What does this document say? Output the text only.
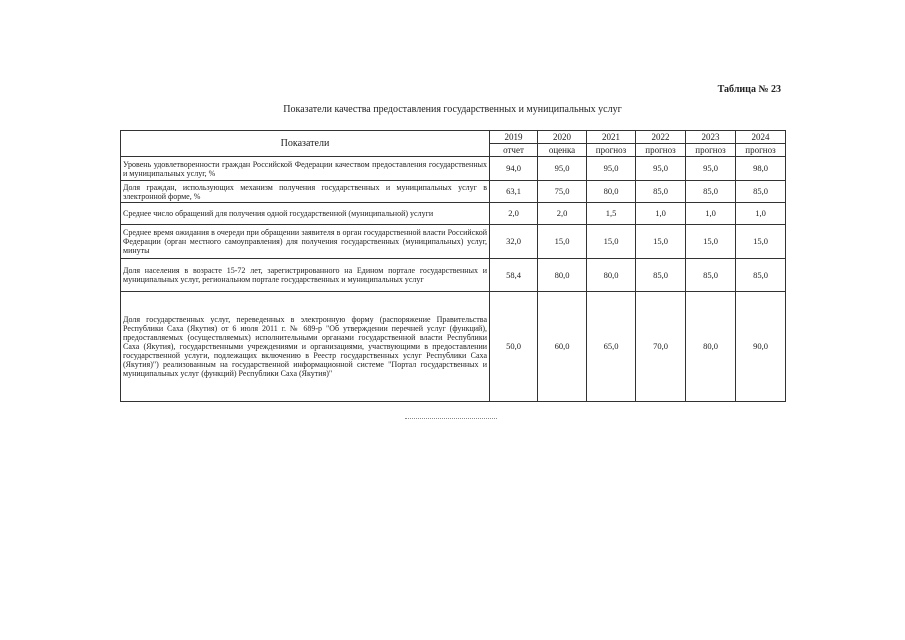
Таблица № 23
Показатели качества предоставления государственных и муниципальных услуг
Показатели	2019	2020	2021	2022	2023	2024
	отчет	оценка	прогноз	прогноз	прогноз	прогноз
Уровень удовлетворенности граждан Российской Федерации качеством предоставления государственных и муниципальных услуг, %	94,0	95,0	95,0	95,0	95,0	98,0
Доля граждан, использующих механизм получения государственных и муниципальных услуг в электронной форме, %	63,1	75,0	80,0	85,0	85,0	85,0
Среднее число обращений для получения одной государственной (муниципальной) услуги	2,0	2,0	1,5	1,0	1,0	1,0
Среднее время ожидания в очереди при обращении заявителя в орган государственной власти Российской Федерации (орган местного самоуправления) для получения государственных (муниципальных) услуг, минуты	32,0	15,0	15,0	15,0	15,0	15,0
Доля населения в возрасте 15-72 лет, зарегистрированного на Едином портале государственных и муниципальных услуг, региональном портале государственных и муниципальных услуг	58,4	80,0	80,0	85,0	85,0	85,0
Доля государственных услуг, переведенных в электронную форму (распоряжение Правительства Республики Саха (Якутия) от 6 июля 2011 г. № 689-р "Об утверждении перечней услуг (функций), предоставляемых (осуществляемых) исполнительными органами государственной власти Республики Саха (Якутия), государственными учреждениями и организациями, участвующими в предоставлении государственной услуги, подлежащих включению в Реестр государственных услуг Республики Саха (Якутия)") реализованным на государственной информационной системе "Портал государственных и муниципальных услуг (функций) Республики Саха (Якутия)"	50,0	60,0	65,0	70,0	80,0	90,0
